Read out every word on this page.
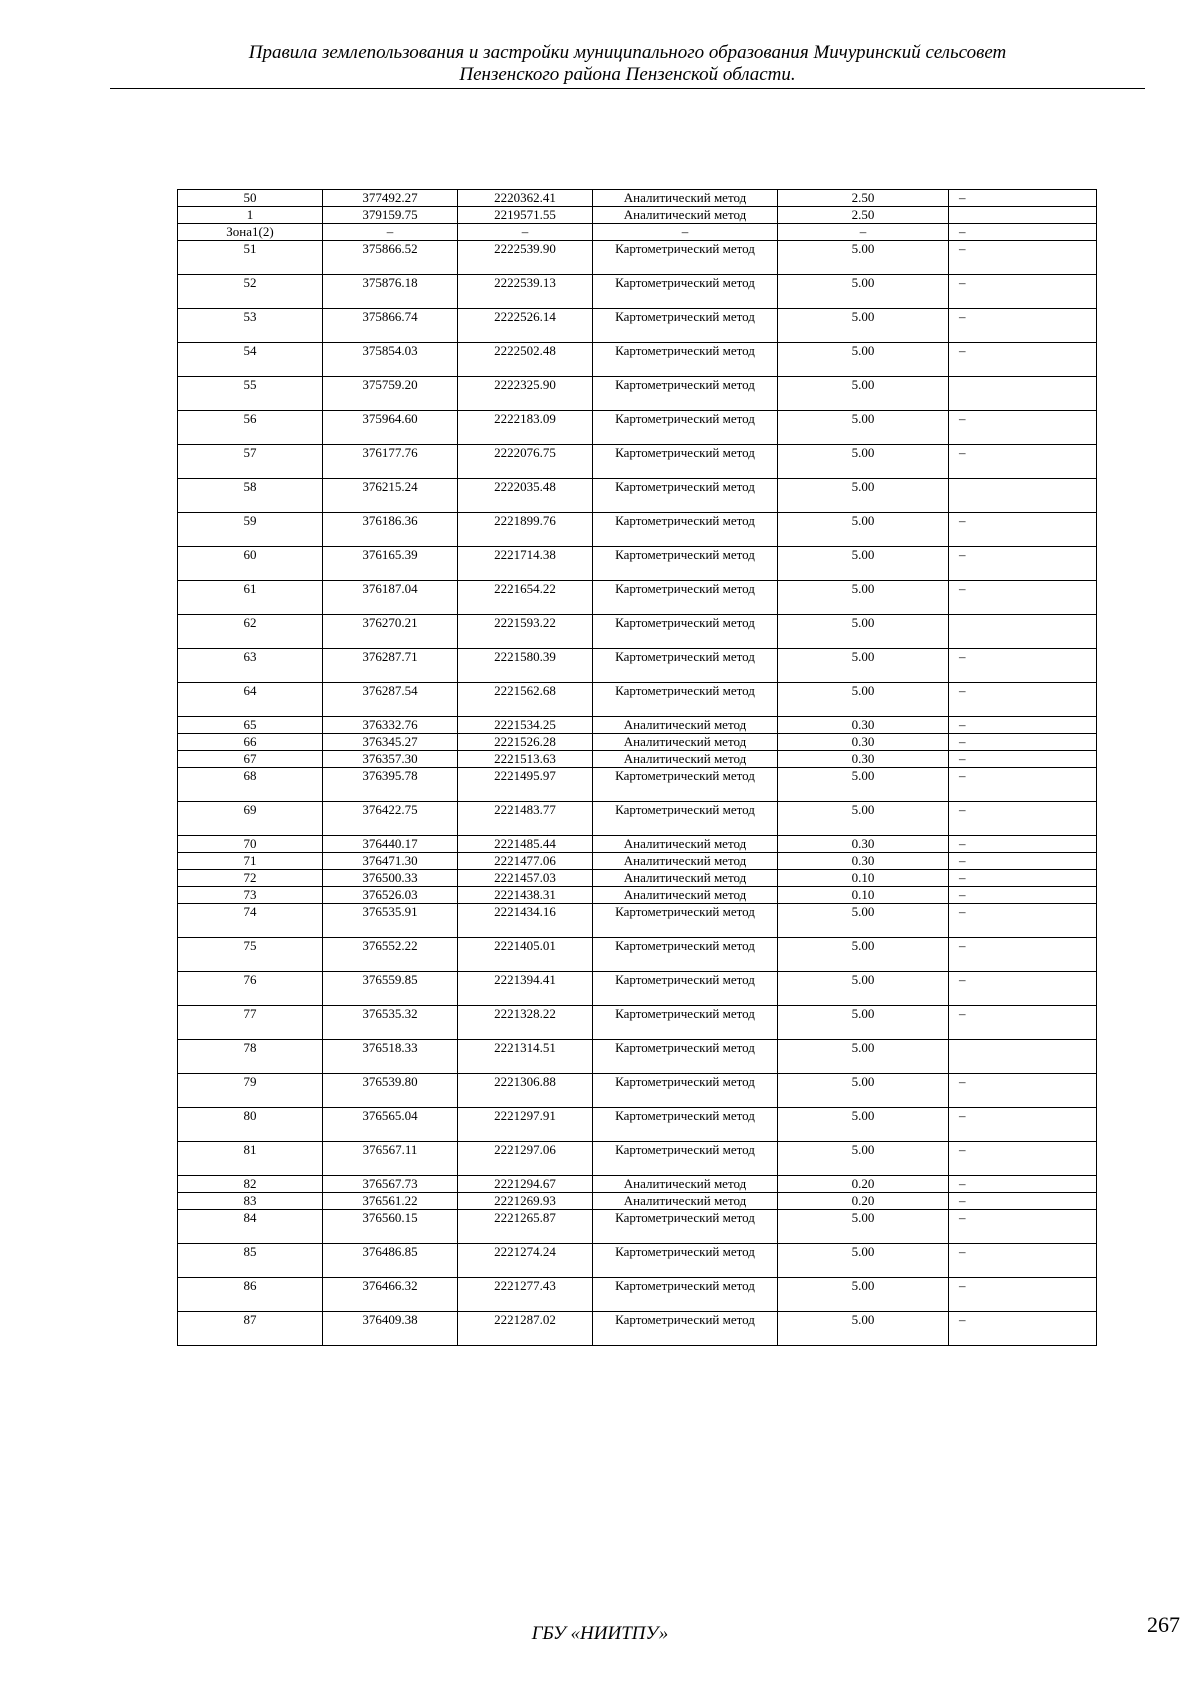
Правила землепользования и застройки муниципального образования Мичуринский сельсовет
Пензенского района Пензенской области.
50	377492.27	2220362.41	Аналитический метод	2.50	–
1	379159.75	2219571.55	Аналитический метод	2.50	
Зона1(2)	–	–	–	–	–
51	375866.52	2222539.90	Картометрический метод	5.00	–
52	375876.18	2222539.13	Картометрический метод	5.00	–
53	375866.74	2222526.14	Картометрический метод	5.00	–
54	375854.03	2222502.48	Картометрический метод	5.00	–
55	375759.20	2222325.90	Картометрический метод	5.00	
56	375964.60	2222183.09	Картометрический метод	5.00	–
57	376177.76	2222076.75	Картометрический метод	5.00	–
58	376215.24	2222035.48	Картометрический метод	5.00	
59	376186.36	2221899.76	Картометрический метод	5.00	–
60	376165.39	2221714.38	Картометрический метод	5.00	–
61	376187.04	2221654.22	Картометрический метод	5.00	–
62	376270.21	2221593.22	Картометрический метод	5.00	
63	376287.71	2221580.39	Картометрический метод	5.00	–
64	376287.54	2221562.68	Картометрический метод	5.00	–
65	376332.76	2221534.25	Аналитический метод	0.30	–
66	376345.27	2221526.28	Аналитический метод	0.30	–
67	376357.30	2221513.63	Аналитический метод	0.30	–
68	376395.78	2221495.97	Картометрический метод	5.00	–
69	376422.75	2221483.77	Картометрический метод	5.00	–
70	376440.17	2221485.44	Аналитический метод	0.30	–
71	376471.30	2221477.06	Аналитический метод	0.30	–
72	376500.33	2221457.03	Аналитический метод	0.10	–
73	376526.03	2221438.31	Аналитический метод	0.10	–
74	376535.91	2221434.16	Картометрический метод	5.00	–
75	376552.22	2221405.01	Картометрический метод	5.00	–
76	376559.85	2221394.41	Картометрический метод	5.00	–
77	376535.32	2221328.22	Картометрический метод	5.00	–
78	376518.33	2221314.51	Картометрический метод	5.00	
79	376539.80	2221306.88	Картометрический метод	5.00	–
80	376565.04	2221297.91	Картометрический метод	5.00	–
81	376567.11	2221297.06	Картометрический метод	5.00	–
82	376567.73	2221294.67	Аналитический метод	0.20	–
83	376561.22	2221269.93	Аналитический метод	0.20	–
84	376560.15	2221265.87	Картометрический метод	5.00	–
85	376486.85	2221274.24	Картометрический метод	5.00	–
86	376466.32	2221277.43	Картометрический метод	5.00	–
87	376409.38	2221287.02	Картометрический метод	5.00	–
ГБУ «НИИТПУ»	267
